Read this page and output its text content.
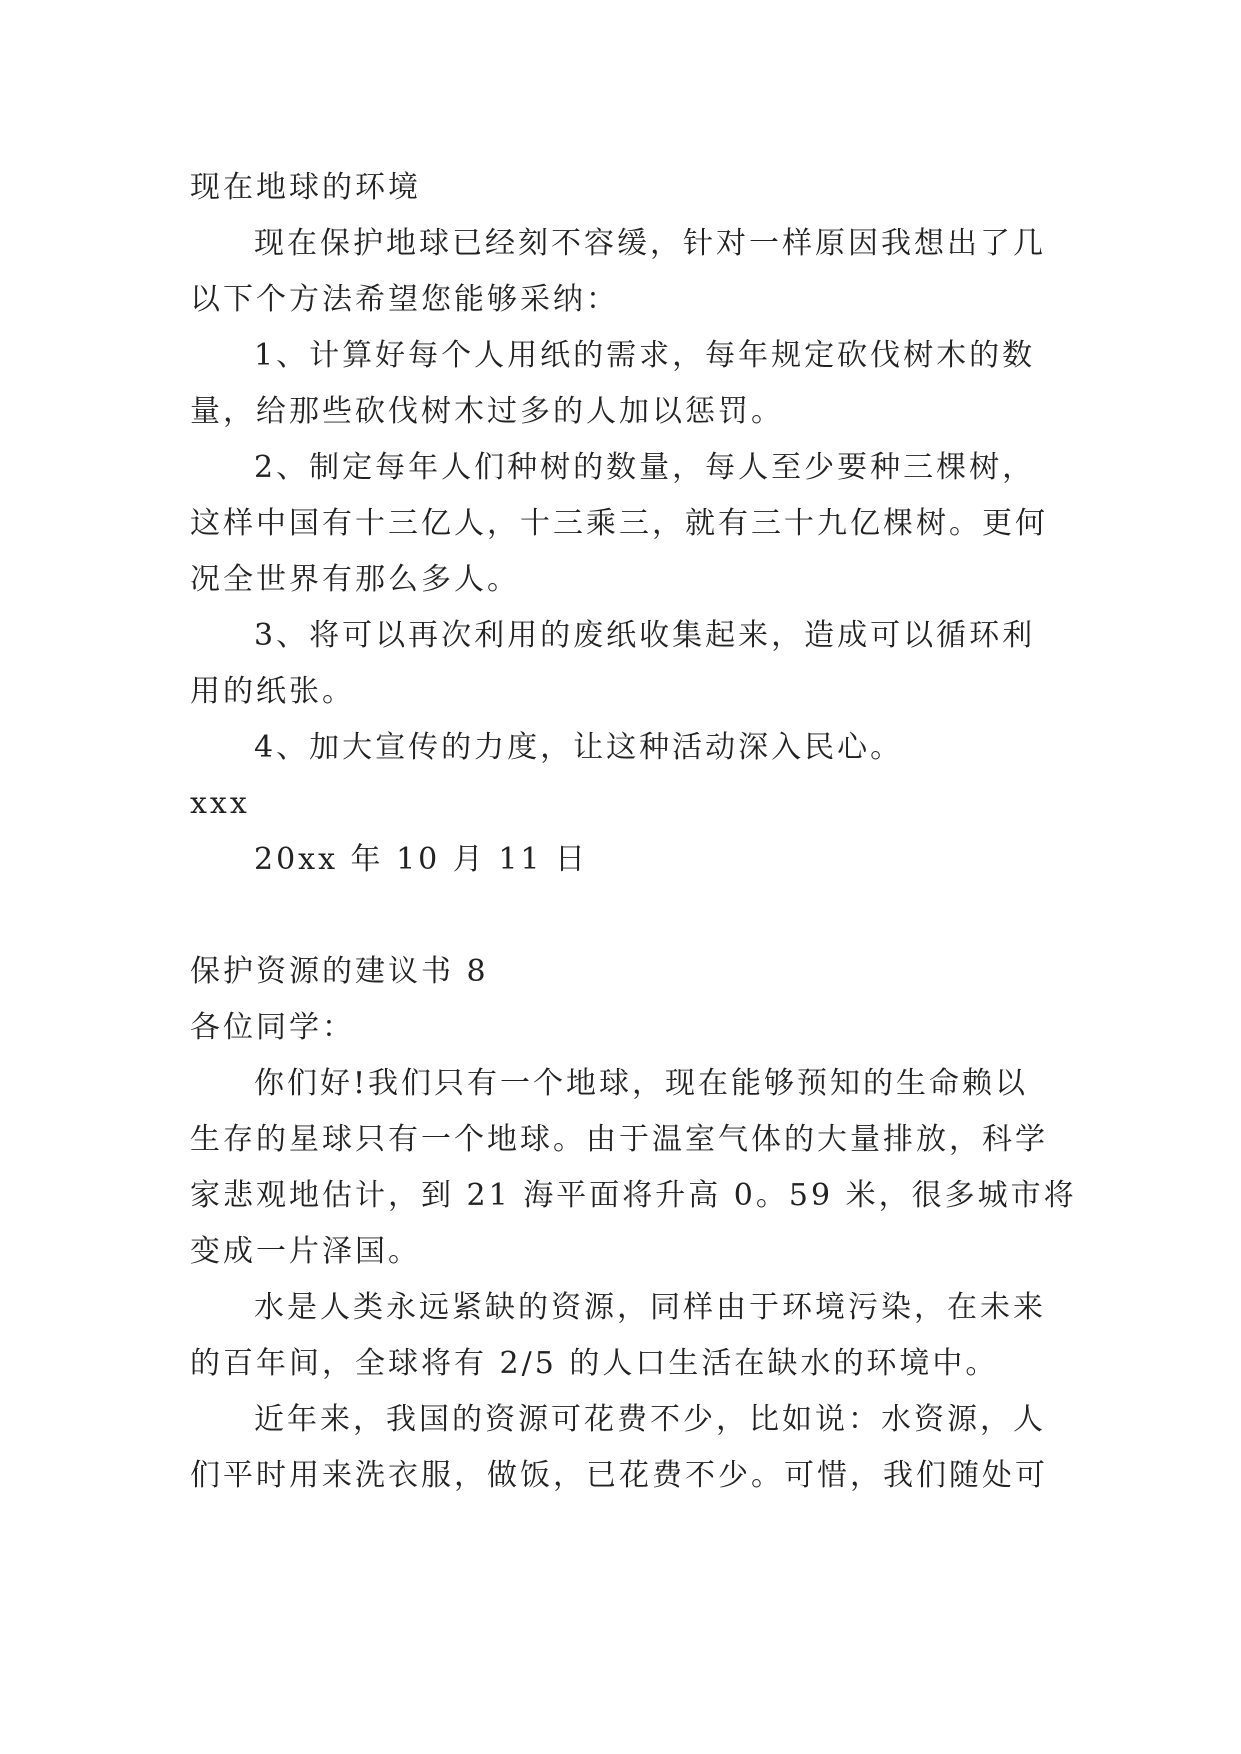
现在地球的环境
现在保护地球已经刻不容缓，针对一样原因我想出了几
以下个方法希望您能够采纳：
1、计算好每个人用纸的需求，每年规定砍伐树木的数
量，给那些砍伐树木过多的人加以惩罚。
2、制定每年人们种树的数量，每人至少要种三棵树，
这样中国有十三亿人，十三乘三，就有三十九亿棵树。更何
况全世界有那么多人。
3、将可以再次利用的废纸收集起来，造成可以循环利
用的纸张。
4、加大宣传的力度，让这种活动深入民心。
xxx
20xx 年 10 月 11 日
保护资源的建议书 8
各位同学：
你们好!我们只有一个地球，现在能够预知的生命赖以
生存的星球只有一个地球。由于温室气体的大量排放，科学
家悲观地估计，到 21 海平面将升高 0。59 米，很多城市将
变成一片泽国。
水是人类永远紧缺的资源，同样由于环境污染，在未来
的百年间，全球将有 2/5 的人口生活在缺水的环境中。
近年来，我国的资源可花费不少，比如说：水资源，人
们平时用来洗衣服，做饭，已花费不少。可惜，我们随处可
